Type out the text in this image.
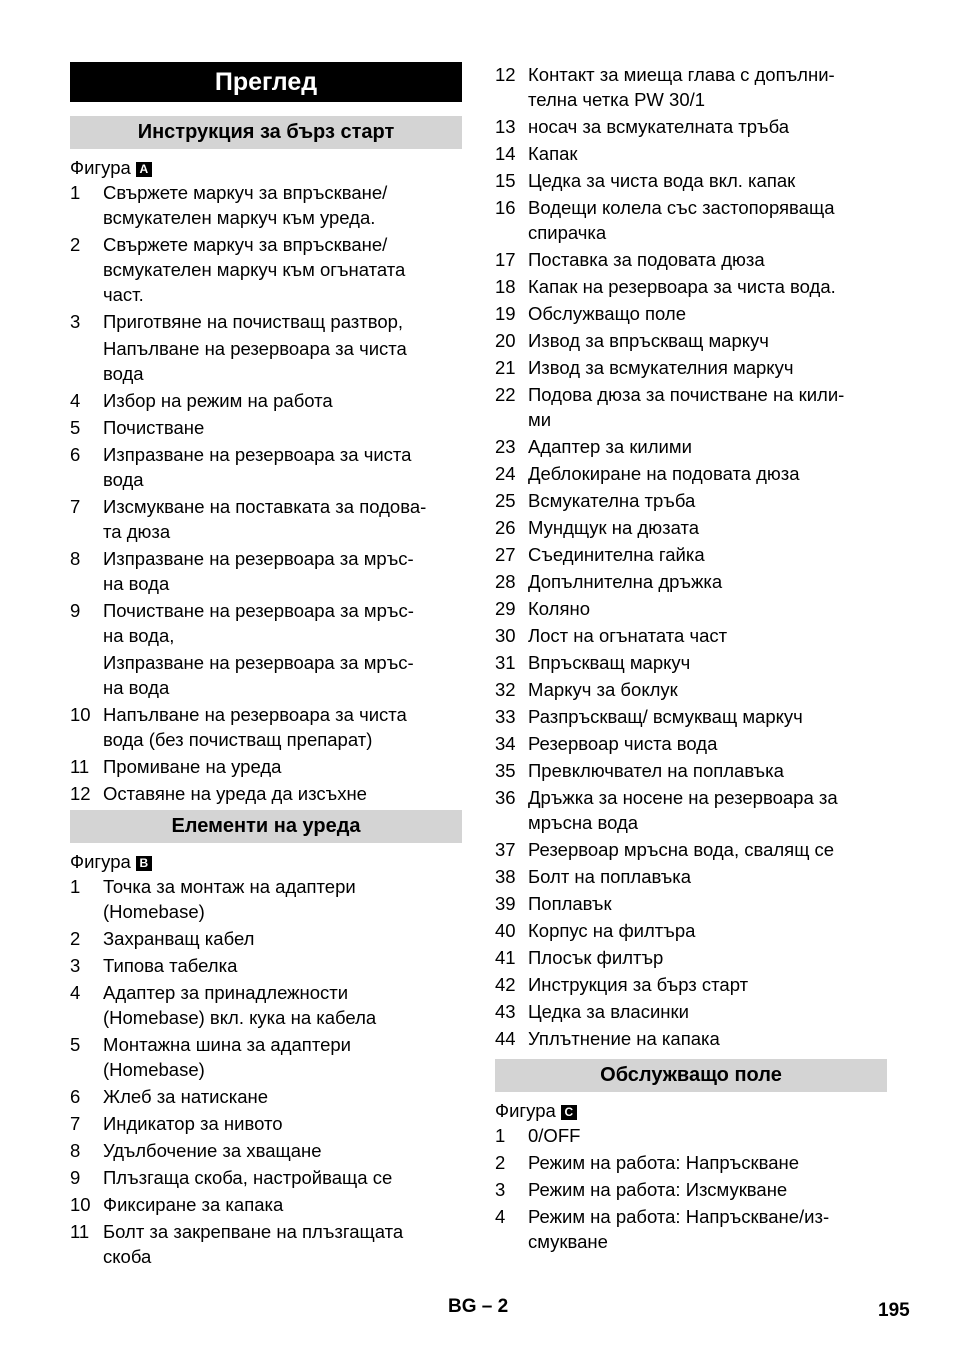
Преглед
Инструкция за бърз старт
Фигура A
1	Свържете маркуч за впръскване/
всмукателен маркуч към уреда.
2	Свържете маркуч за впръскване/
всмукателен маркуч към огънатата
част.
3	Приготвяне на почистващ разтвор,
Напълване на резервоара за чиста
вода
4	Избор на режим на работа
5	Почистване
6	Изпразване на резервоара за чиста
вода
7	Изсмукване на поставката за подова-
та дюза
8	Изпразване на резервоара за мръс-
на вода
9	Почистване на резервоара за мръс-
на вода,
Изпразване на резервоара за мръс-
на вода
10 Напълване на резервоара за чиста
вода (без почистващ препарат)
11 Промиване на уреда
12 Оставяне на уреда да изсъхне
Елементи на уреда
Фигура B
1	Точка за монтаж на адаптери
(Homebase)
2	Захранващ кабел
3	Типова табелка
4	Адаптер за принадлежности
(Homebase) вкл. кука на кабела
5	Монтажна шина за адаптери
(Homebase)
6	Жлеб за натискане
7	Индикатор за нивото
8	Удълбочение за хващане
9	Плъзгаща скоба, настройваща се
10 Фиксиране за капака
11 Болт за закрепване на плъзгащата
скоба
12 Контакт за миеща глава с допълни-
телна четка PW 30/1
13 носач за всмукателната тръба
14 Капак
15 Цедка за чиста вода вкл. капак
16 Водещи колела със застопоряваща
спирачка
17 Поставка за подовата дюза
18 Капак на резервоара за чиста вода.
19 Обслужващо поле
20 Извод за впръскващ маркуч
21 Извод за всмукателния маркуч
22 Подова дюза за почистване на кили-
ми
23 Адаптер за килими
24 Деблокиране на подовата дюза
25 Всмукателна тръба
26 Мундщук на дюзата
27 Съединителна гайка
28 Допълнителна дръжка
29 Коляно
30 Лост на огънатата част
31 Впръскващ маркуч
32 Маркуч за боклук
33 Разпръскващ/ всмукващ маркуч
34 Резервоар чиста вода
35 Превключвател на поплавъка
36 Дръжка за носене на резервоара за
мръсна вода
37 Резервоар мръсна вода, свалящ се
38 Болт на поплавъка
39 Поплавък
40 Корпус на филтъра
41 Плосък филтър
42 Инструкция за бърз старт
43 Цедка за власинки
44 Уплътнение на капака
Обслужващо поле
Фигура C
1	0/OFF
2	Режим на работа: Напръскване
3	Режим на работа: Изсмукване
4	Режим на работа: Напръскване/из-
смукване
BG – 2	195
